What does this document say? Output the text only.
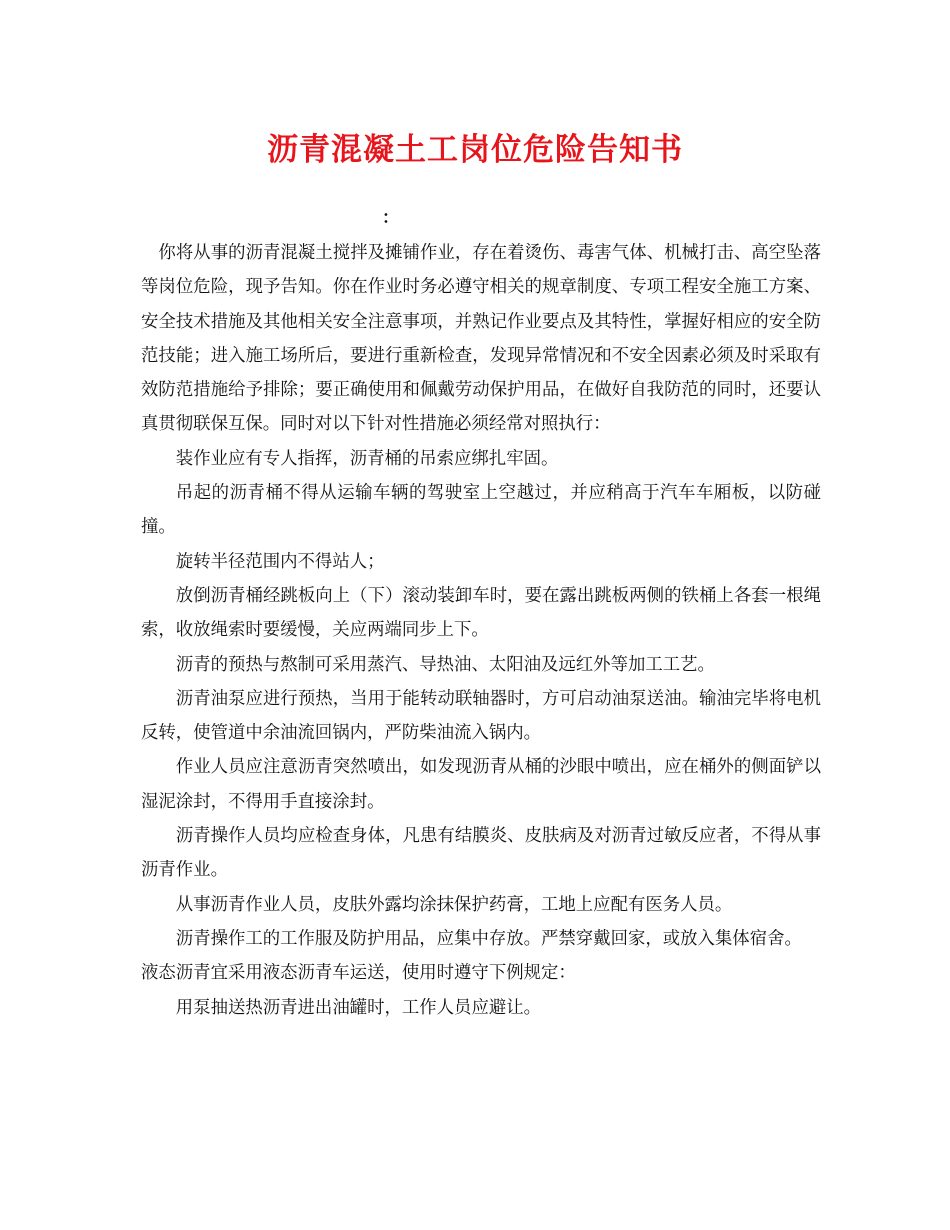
沥青混凝土工岗位危险告知书
：

你将从事的沥青混凝土搅拌及摊铺作业，存在着烫伤、毒害气体、机械打击、高空坠落等岗位危险，现予告知。你在作业时务必遵守相关的规章制度、专项工程安全施工方案、安全技术措施及其他相关安全注意事项，并熟记作业要点及其特性，掌握好相应的安全防范技能；进入施工场所后，要进行重新检查，发现异常情况和不安全因素必须及时采取有效防范措施给予排除；要正确使用和佩戴劳动保护用品，在做好自我防范的同时，还要认真贯彻联保互保。同时对以下针对性措施必须经常对照执行：

装作业应有专人指挥，沥青桶的吊索应绑扎牢固。

吊起的沥青桶不得从运输车辆的驾驶室上空越过，并应稍高于汽车车厢板，以防碰撞。

旋转半径范围内不得站人；

放倒沥青桶经跳板向上（下）滚动装卸车时，要在露出跳板两侧的铁桶上各套一根绳索，收放绳索时要缓慢，关应两端同步上下。

沥青的预热与熬制可采用蒸汽、导热油、太阳油及远红外等加工工艺。

沥青油泵应进行预热，当用于能转动联轴器时，方可启动油泵送油。输油完毕将电机反转，使管道中余油流回锅内，严防柴油流入锅内。

作业人员应注意沥青突然喷出，如发现沥青从桶的沙眼中喷出，应在桶外的侧面铲以湿泥涂封，不得用手直接涂封。

沥青操作人员均应检查身体，凡患有结膜炎、皮肤病及对沥青过敏反应者，不得从事沥青作业。

从事沥青作业人员，皮肤外露均涂抹保护药膏，工地上应配有医务人员。

沥青操作工的工作服及防护用品，应集中存放。严禁穿戴回家，或放入集体宿舍。

液态沥青宜采用液态沥青车运送，使用时遵守下例规定：

用泵抽送热沥青进出油罐时，工作人员应避让。
